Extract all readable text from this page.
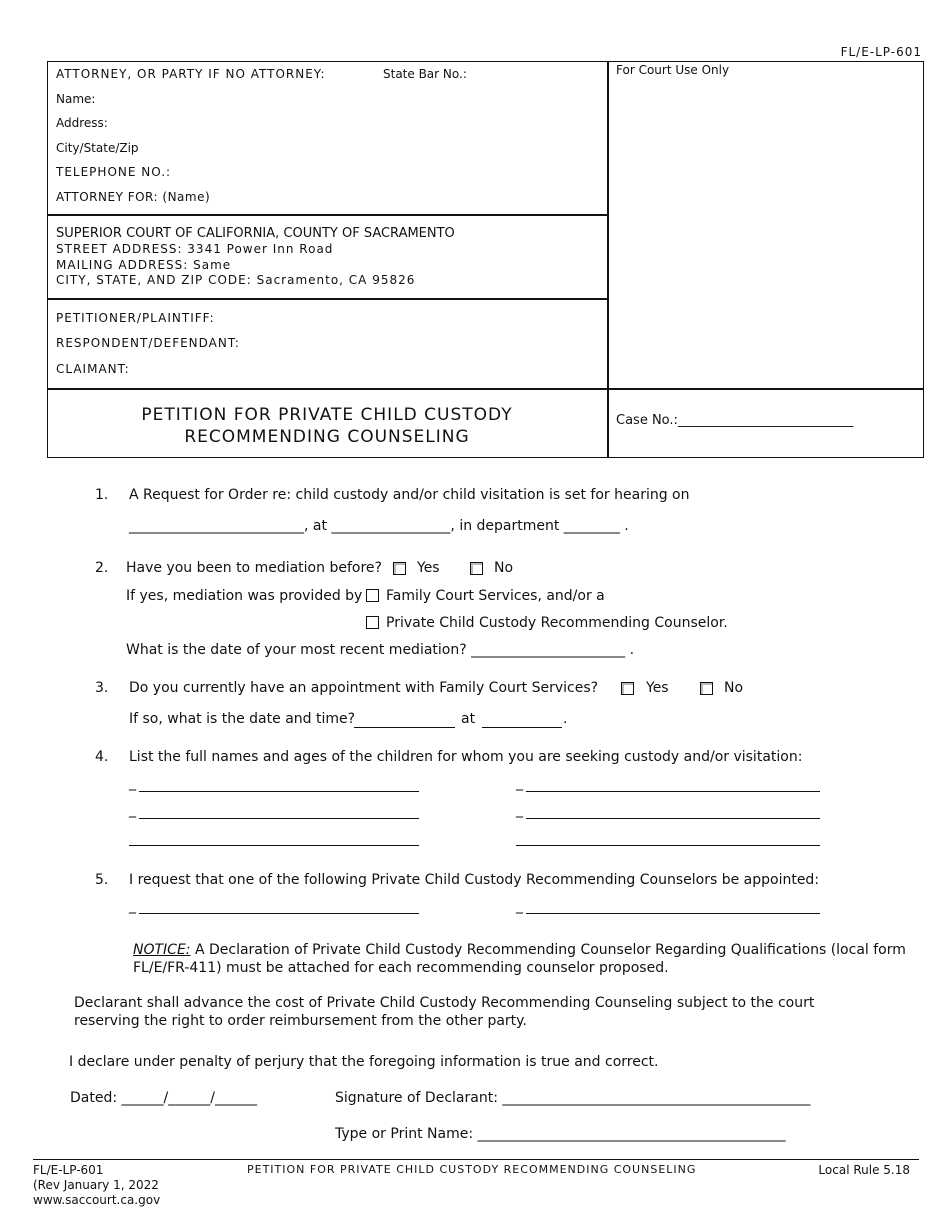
FL/E-LP-601
ATTORNEY, OR PARTY IF NO ATTORNEY:	State Bar No.:
Name:
Address:
City/State/Zip
TELEPHONE NO.:
ATTORNEY FOR: (Name)
For Court Use Only
SUPERIOR COURT OF CALIFORNIA, COUNTY OF SACRAMENTO
STREET ADDRESS: 3341 Power Inn Road
MAILING ADDRESS: Same
CITY, STATE, AND ZIP CODE: Sacramento, CA 95826
PETITIONER/PLAINTIFF:
RESPONDENT/DEFENDANT:
CLAIMANT:
PETITION FOR PRIVATE CHILD CUSTODY
RECOMMENDING COUNSELING
Case No.:___________________________
1. A Request for Order re: child custody and/or child visitation is set for hearing on
_________________________, at _________________, in department ________ .
2. Have you been to mediation before?	Yes	No
If yes, mediation was provided by Family Court Services, and/or a
Private Child Custody Recommending Counselor.
What is the date of your most recent mediation? ______________________ .
3. Do you currently have an appointment with Family Court Services?	Yes	No
If so, what is the date and time?	at	.
4. List the full names and ages of the children for whom you are seeking custody and/or visitation:
_	_
_	_
5. I request that one of the following Private Child Custody Recommending Counselors be appointed:
_	_
NOTICE: A Declaration of Private Child Custody Recommending Counselor Regarding Qualifications (local form
FL/E/FR-411) must be attached for each recommending counselor proposed.
Declarant shall advance the cost of Private Child Custody Recommending Counseling subject to the court
reserving the right to order reimbursement from the other party.
I declare under penalty of perjury that the foregoing information is true and correct.
Dated: ______/______/______	Signature of Declarant: ____________________________________________
Type or Print Name: ____________________________________________
FL/E-LP-601
(Rev January 1, 2022
www.saccourt.ca.gov
PETITION FOR PRIVATE CHILD CUSTODY RECOMMENDING COUNSELING	Local Rule 5.18
